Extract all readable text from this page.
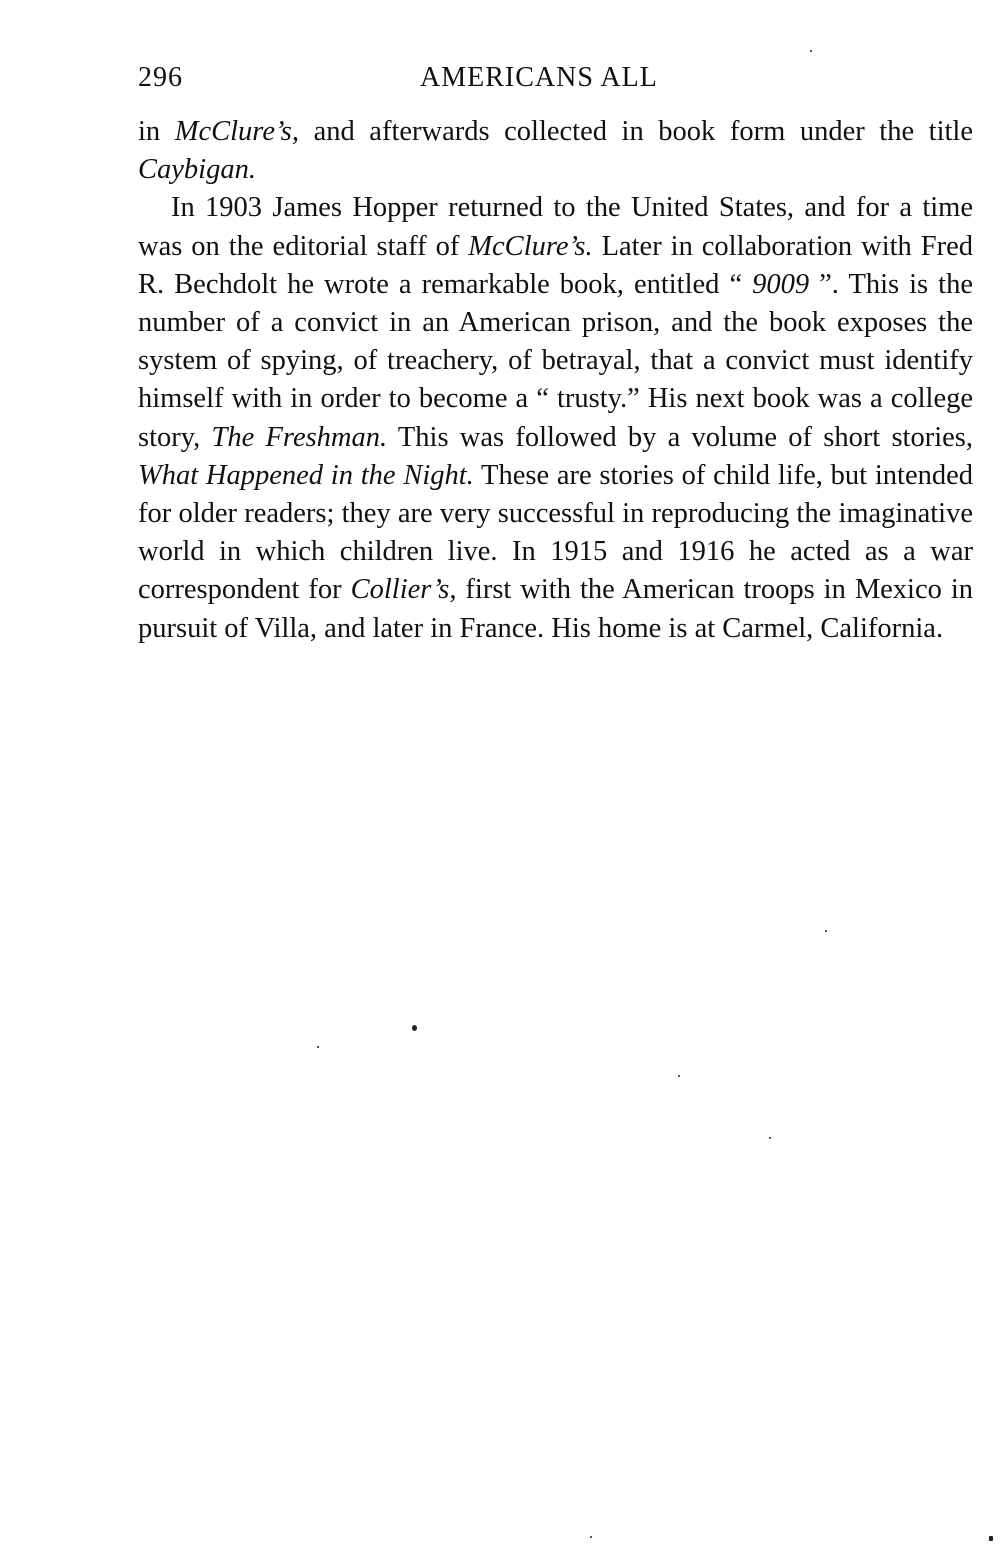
296	AMERICANS ALL

in McClure’s, and afterwards collected in book form under the title Caybigan.

In 1903 James Hopper returned to the United States, and for a time was on the editorial staff of McClure’s. Later in collaboration with Fred R. Bechdolt he wrote a remarkable book, entitled “ 9009 ”. This is the number of a convict in an American prison, and the book exposes the system of spying, of treachery, of betrayal, that a convict must identify himself with in order to become a “ trusty.” His next book was a college story, The Freshman. This was followed by a volume of short stories, What Happened in the Night. These are stories of child life, but intended for older readers; they are very successful in reproducing the imaginative world in which children live. In 1915 and 1916 he acted as a war correspondent for Collier’s, first with the American troops in Mexico in pursuit of Villa, and later in France. His home is at Carmel, California.
